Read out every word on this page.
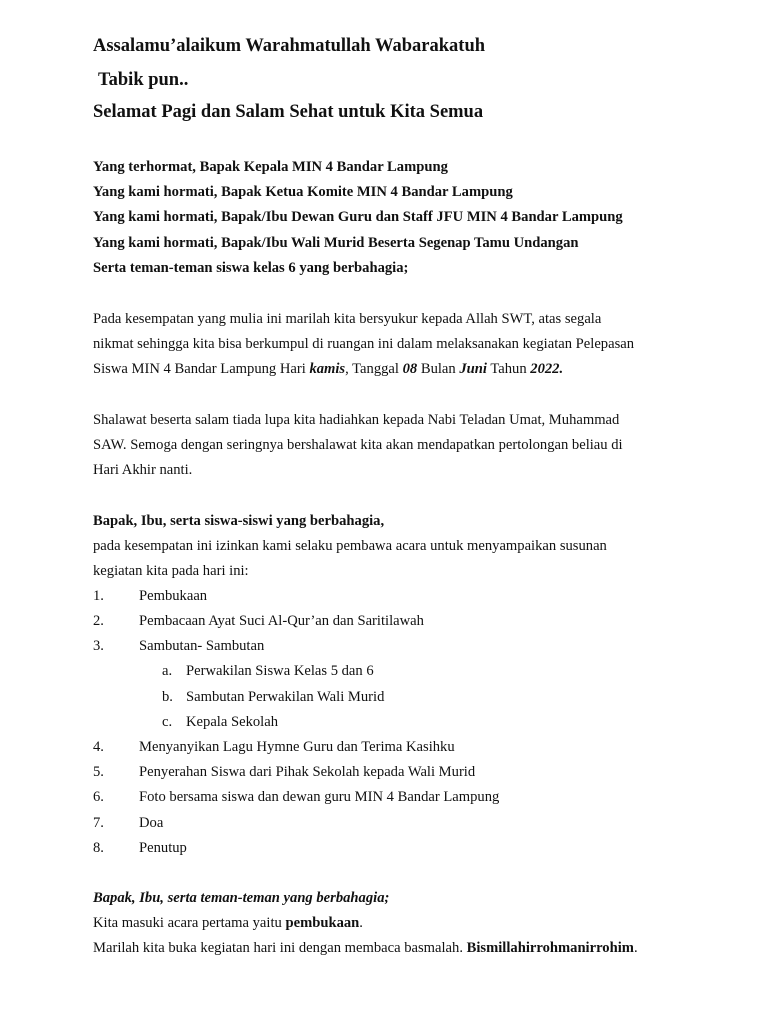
Assalamu’alaikum Warahmatullah Wabarakatuh
Tabik pun..
Selamat Pagi dan Salam Sehat untuk Kita Semua
Yang terhormat, Bapak Kepala MIN 4 Bandar Lampung
Yang kami hormati, Bapak Ketua Komite MIN 4 Bandar Lampung
Yang kami hormati, Bapak/Ibu Dewan Guru dan Staff JFU MIN 4 Bandar Lampung
Yang kami hormati, Bapak/Ibu Wali Murid Beserta Segenap Tamu Undangan
Serta teman-teman siswa kelas 6 yang berbahagia;
Pada kesempatan yang mulia ini marilah kita bersyukur kepada Allah SWT, atas segala
nikmat sehingga kita bisa berkumpul di ruangan ini dalam melaksanakan kegiatan Pelepasan
Siswa MIN 4 Bandar Lampung Hari kamis, Tanggal 08 Bulan Juni Tahun 2022.
Shalawat beserta salam tiada lupa kita hadiahkan kepada Nabi Teladan Umat, Muhammad
SAW. Semoga dengan seringnya bershalawat kita akan mendapatkan pertolongan beliau di
Hari Akhir nanti.
Bapak, Ibu, serta siswa-siswi yang berbahagia,
pada kesempatan ini izinkan kami selaku pembawa acara untuk menyampaikan susunan
kegiatan kita pada hari ini:
1. Pembukaan
2. Pembacaan Ayat Suci Al-Qur’an dan Saritilawah
3. Sambutan- Sambutan
a. Perwakilan Siswa Kelas 5 dan 6
b. Sambutan Perwakilan Wali Murid
c. Kepala Sekolah
4. Menyanyikan Lagu Hymne Guru dan Terima Kasihku
5. Penyerahan Siswa dari Pihak Sekolah kepada Wali Murid
6. Foto bersama siswa dan dewan guru MIN 4 Bandar Lampung
7. Doa
8. Penutup
Bapak, Ibu, serta teman-teman yang berbahagia;
Kita masuki acara pertama yaitu pembukaan.
Marilah kita buka kegiatan hari ini dengan membaca basmalah. Bismillahirrohmanirrohim.
